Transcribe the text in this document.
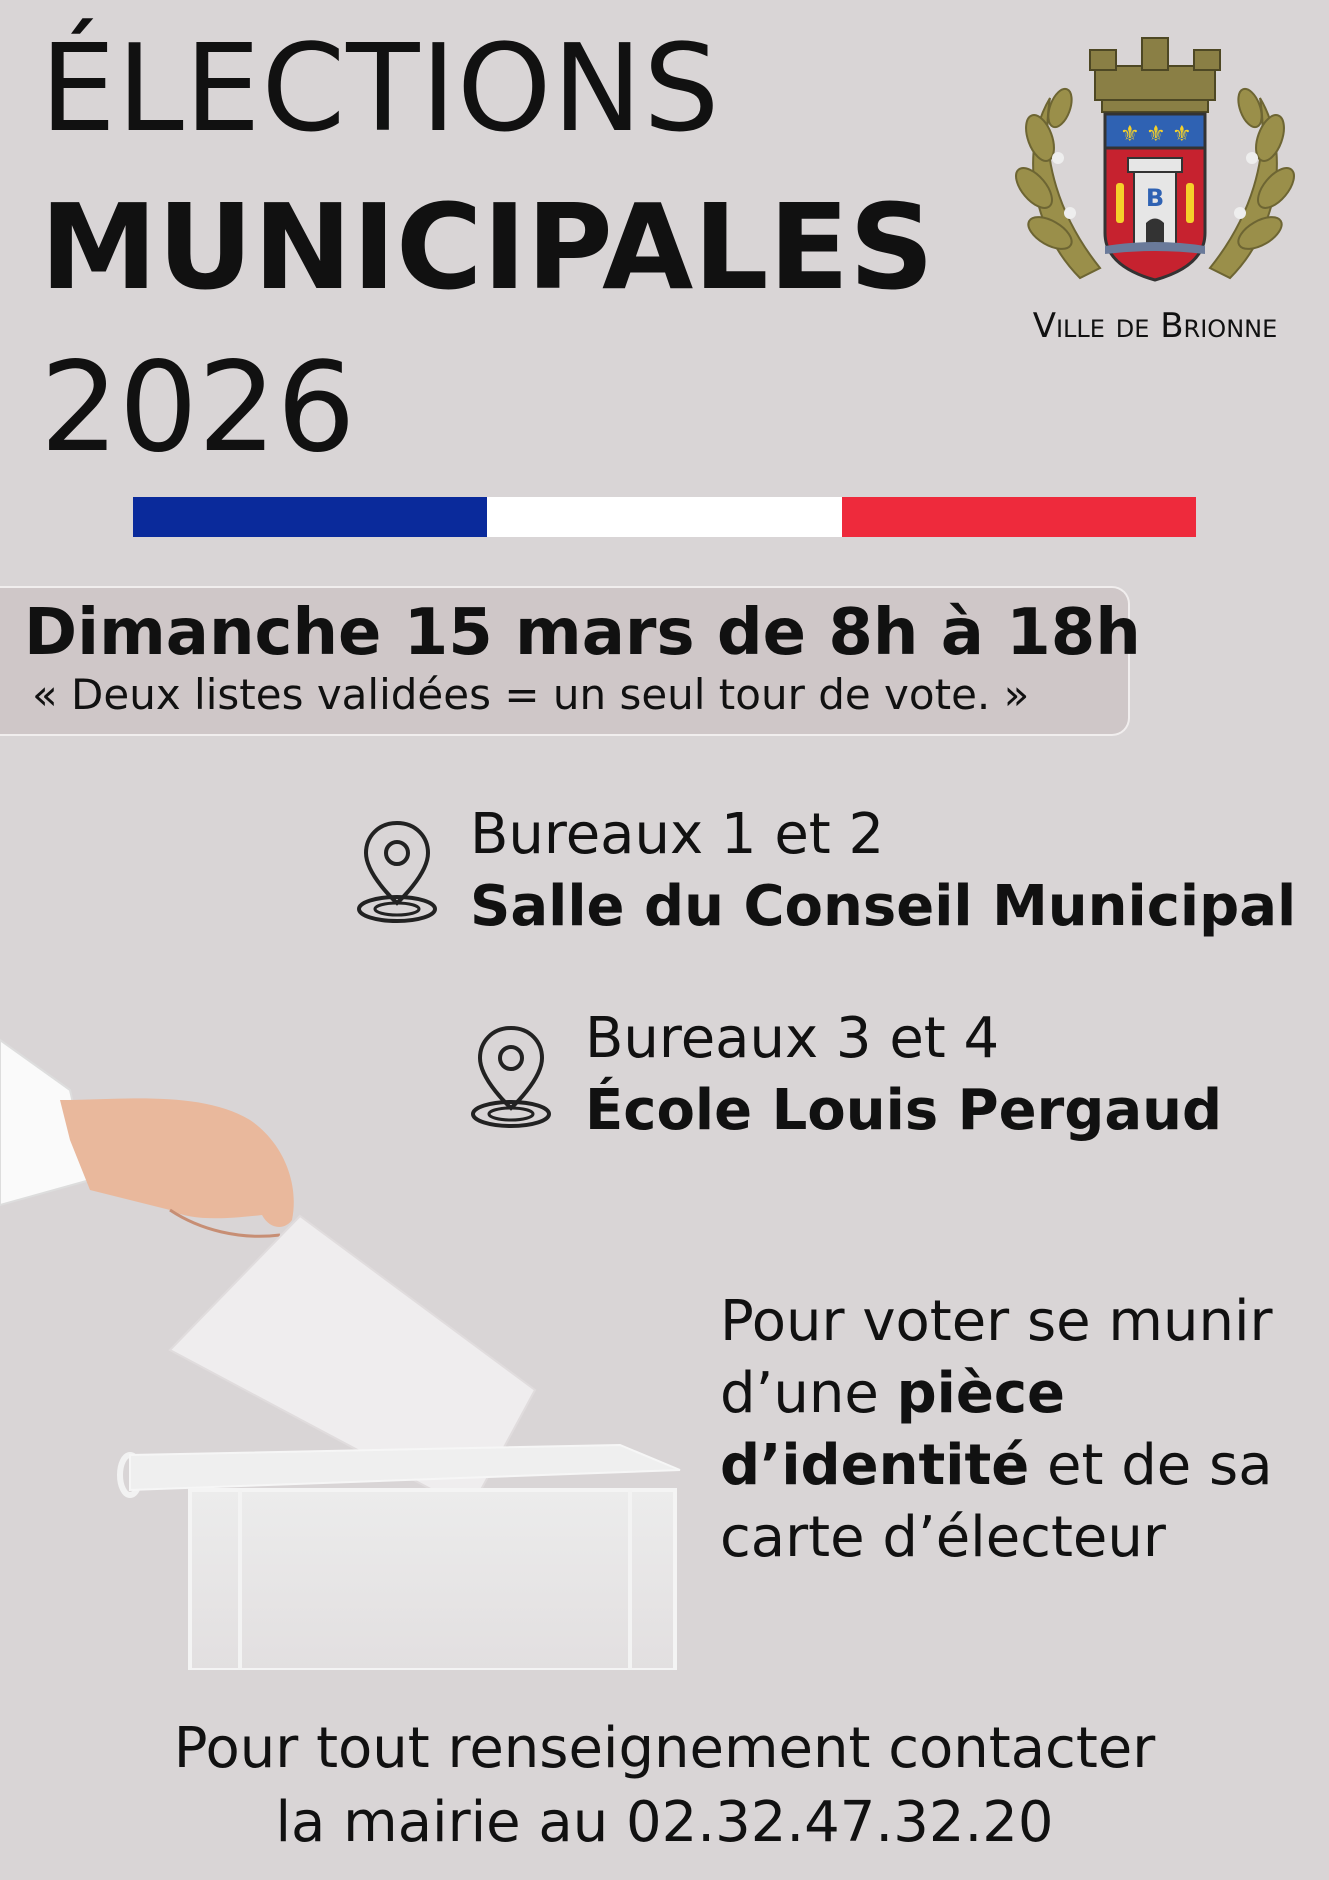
ÉLECTIONS
MUNICIPALES
2026
⚜ ⚜ ⚜
B
Ville de Brionne
Dimanche 15 mars de 8h à 18h
« Deux listes validées = un seul tour de vote. »
Bureaux 1 et 2
Salle du Conseil Municipal
Bureaux 3 et 4
École Louis Pergaud
Pour voter se munir d’une pièce d’identité et de sa carte d’électeur
Pour tout renseignement contacter
la mairie au 02.32.47.32.20
